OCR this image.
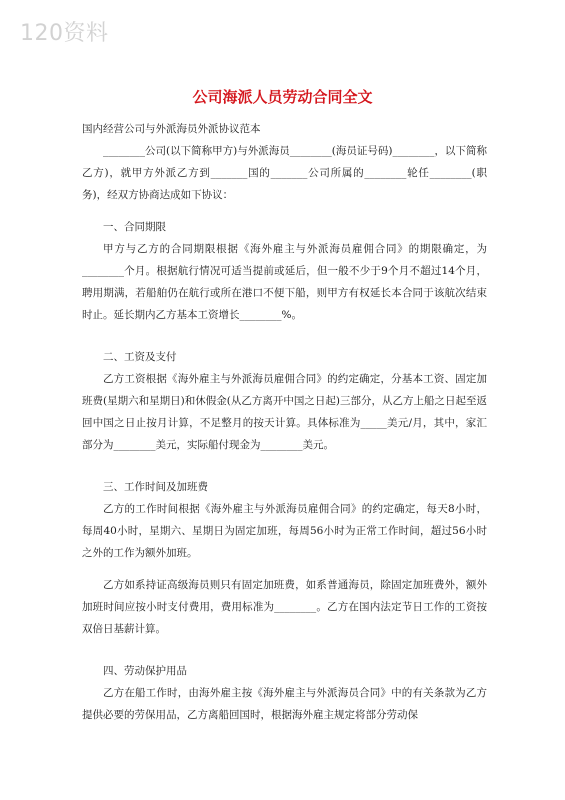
120资料
公司海派人员劳动合同全文

国内经营公司与外派海员外派协议范本

________公司(以下简称甲方)与外派海员________(海员证号码)________，以下简称乙方)，就甲方外派乙方到_______国的_______公司所属的________轮任________(职务)，经双方协商达成如下协议：

一、合同期限

甲方与乙方的合同期限根据《海外雇主与外派海员雇佣合同》的期限确定，为________个月。根据航行情况可适当提前或延后，但一般不少于9个月不超过14个月，聘用期满，若船舶仍在航行或所在港口不便下船，则甲方有权延长本合同于该航次结束时止。延长期内乙方基本工资增长________%。

二、工资及支付

乙方工资根据《海外雇主与外派海员雇佣合同》的约定确定，分基本工资、固定加班费(星期六和星期日)和休假金(从乙方离开中国之日起)三部分，从乙方上船之日起至返回中国之日止按月计算，不足整月的按天计算。具体标准为_____美元/月，其中，家汇部分为________美元，实际船付现金为________美元。

三、工作时间及加班费

乙方的工作时间根据《海外雇主与外派海员雇佣合同》的约定确定，每天8小时，每周40小时，星期六、星期日为固定加班，每周56小时为正常工作时间，超过56小时之外的工作为额外加班。

乙方如系持证高级海员则只有固定加班费，如系普通海员，除固定加班费外，额外加班时间应按小时支付费用，费用标准为________。乙方在国内法定节日工作的工资按双倍日基薪计算。

四、劳动保护用品

乙方在船工作时，由海外雇主按《海外雇主与外派海员合同》中的有关条款为乙方提供必要的劳保用品，乙方离船回国时，根据海外雇主规定将部分劳动保
